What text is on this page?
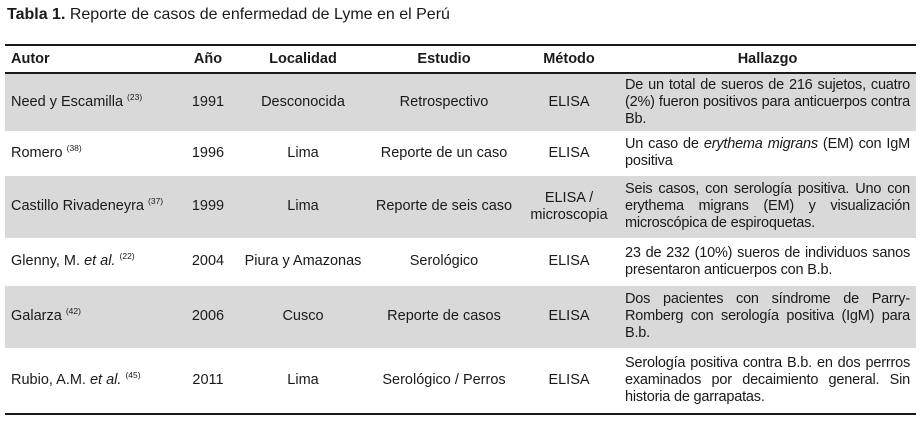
Tabla 1. Reporte de casos de enfermedad de Lyme en el Perú
Autor	Año	Localidad	Estudio	Método	Hallazgo
Need y Escamilla $^{(23)}$	1991	Desconocida	Retrospectivo	ELISA	De un total de sueros de 216 sujetos, cuatro (2%) fueron positivos para anticuerpos contra Bb.
Romero $^{(38)}$	1996	Lima	Reporte de un caso	ELISA	Un caso de erythema migrans (EM) con IgM positiva
Castillo Rivadeneyra $^{(37)}$	1999	Lima	Reporte de seis caso	ELISA / microscopia	Seis casos, con serología positiva. Uno con erythema migrans (EM) y visualización microscópica de espiroquetas.
Glenny, M. et al. $^{(22)}$	2004	Piura y Amazonas	Serológico	ELISA	23 de 232 (10%) sueros de individuos sanos presentaron anticuerpos con B.b.
Galarza $^{(42)}$	2006	Cusco	Reporte de casos	ELISA	Dos pacientes con síndrome de Parry-Romberg con serología positiva (IgM) para B.b.
Rubio, A.M. et al. $^{(45)}$	2011	Lima	Serológico / Perros	ELISA	Serología positiva contra B.b. en dos perrros examinados por decaimiento general. Sin historia de garrapatas.
